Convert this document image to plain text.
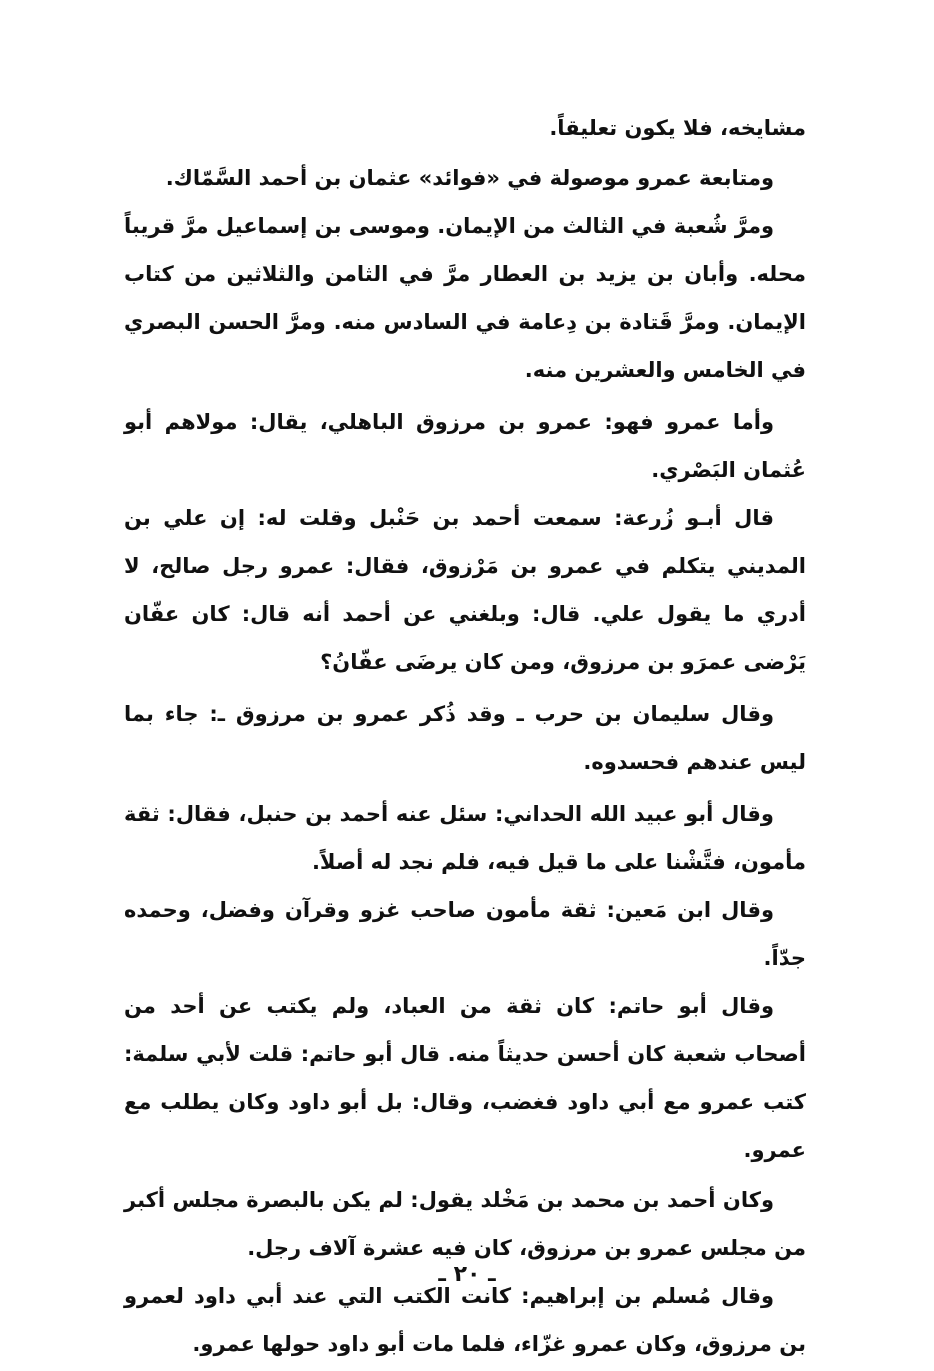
مشايخه، فلا يكون تعليقاً.

ومتابعة عمرو موصولة في «فوائد» عثمان بن أحمد السَّمّاك.

ومرَّ شُعبة في الثالث من الإيمان. وموسى بن إسماعيل مرَّ قريباً محله. وأبان بن يزيد بن العطار مرَّ في الثامن والثلاثين من كتاب الإيمان. ومرَّ قَتادة بن دِعامة في السادس منه. ومرَّ الحسن البصري في الخامس والعشرين منه.

وأما عمرو فهو: عمرو بن مرزوق الباهلي، يقال: مولاهم أبو عُثمان البَصْري.

قال أبـو زُرعة: سمعت أحمد بن حَنْبل وقلت له: إن علي بن المديني يتكلم في عمرو بن مَرْزوق، فقال: عمرو رجل صالح، لا أدري ما يقول علي. قال: وبلغني عن أحمد أنه قال: كان عفّان يَرْضى عمرَو بن مرزوق، ومن كان يرضَى عفّانُ؟

وقال سليمان بن حرب ـ وقد ذُكر عمرو بن مرزوق ـ: جاء بما ليس عندهم فحسدوه.

وقال أبو عبيد الله الحداني: سئل عنه أحمد بن حنبل، فقال: ثقة مأمون، فتَّشْنا على ما قيل فيه، فلم نجد له أصلاً.

وقال ابن مَعين: ثقة مأمون صاحب غزو وقرآن وفضل، وحمده جدّاً.

وقال أبو حاتم: كان ثقة من العباد، ولم يكتب عن أحد من أصحاب شعبة كان أحسن حديثاً منه. قال أبو حاتم: قلت لأبي سلمة: كتب عمرو مع أبي داود فغضب، وقال: بل أبو داود وكان يطلب مع عمرو.

وكان أحمد بن محمد بن مَخْلد يقول: لم يكن بالبصرة مجلس أكبر من مجلس عمرو بن مرزوق، كان فيه عشرة آلاف رجل.

وقال مُسلم بن إبراهيم: كانت الكتب التي عند أبي داود لعمرو بن مرزوق، وكان عمرو غزّاء، فلما مات أبو داود حولها عمرو.

ـ ٢٠ ـ
